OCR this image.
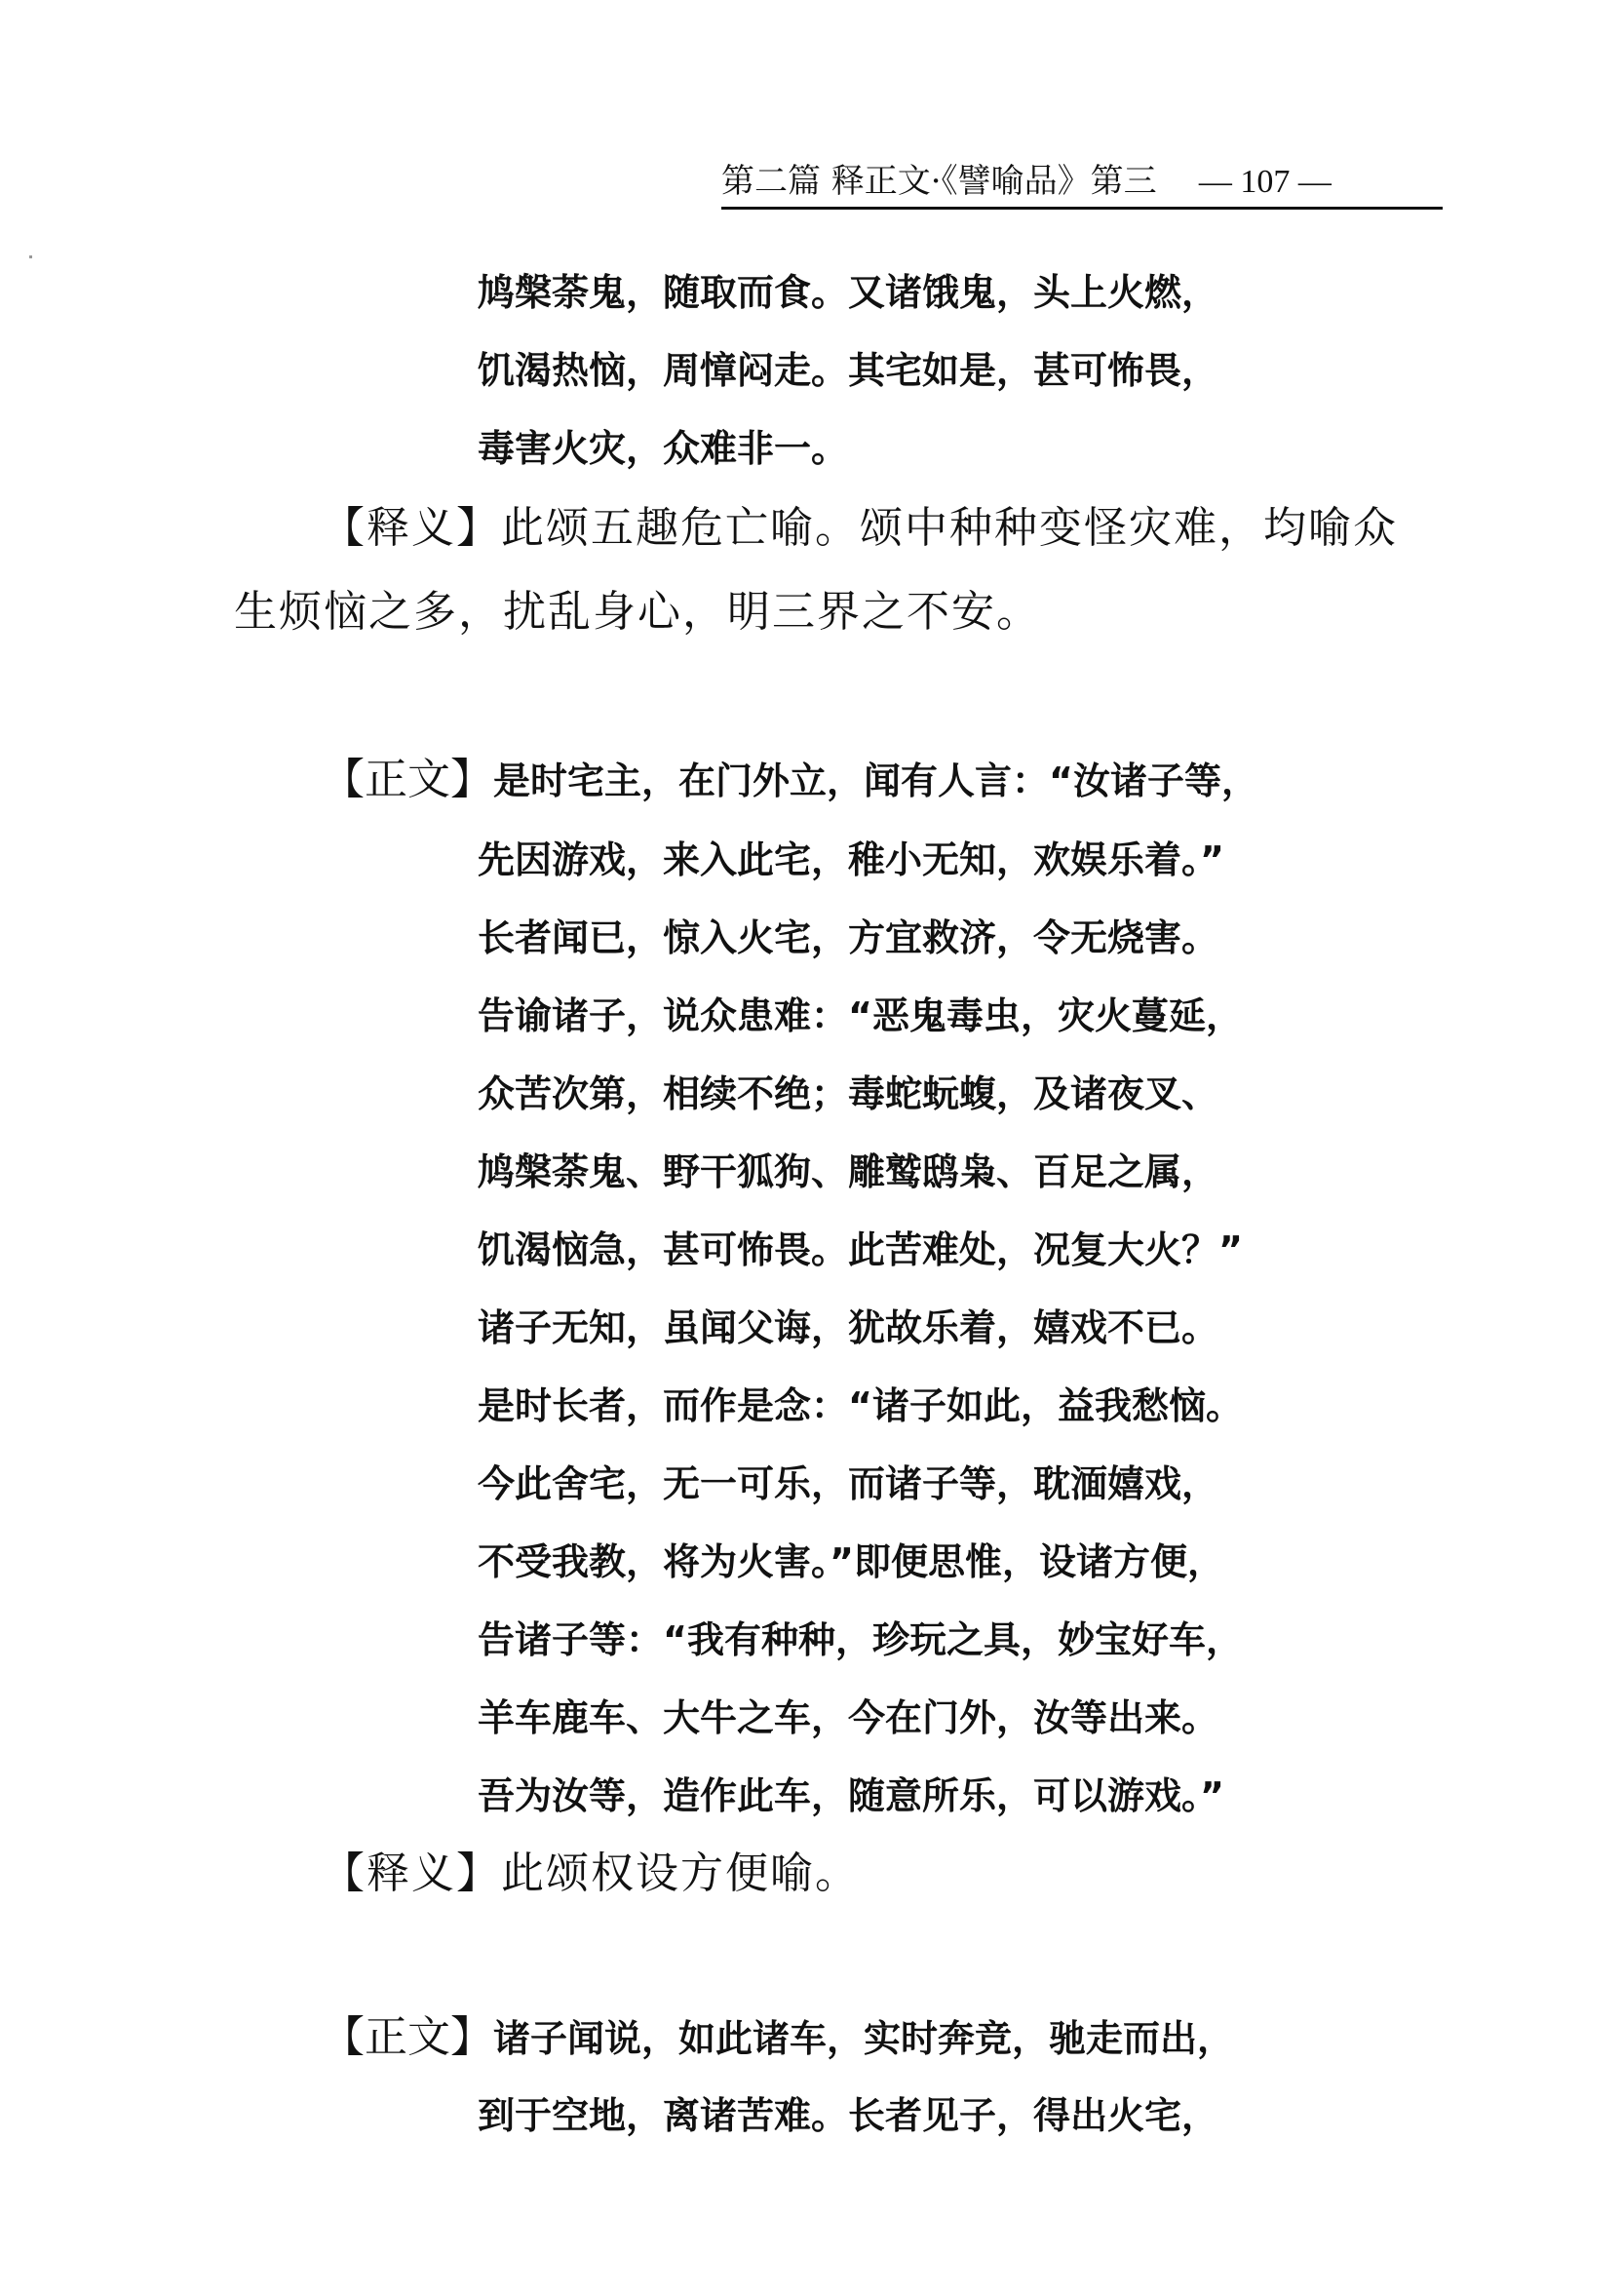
第二篇 释正文·《譬喻品》第三 — 107 —
鸠槃荼鬼，随取而食。又诸饿鬼，头上火燃，
饥渴热恼，周慞闷走。其宅如是，甚可怖畏，
毒害火灾，众难非一。
【释义】此颂五趣危亡喻。颂中种种变怪灾难，均喻众
生烦恼之多，扰乱身心，明三界之不安。
【正文】是时宅主，在门外立，闻有人言：“汝诸子等，
先因游戏，来入此宅，稚小无知，欢娱乐着。”
长者闻已，惊入火宅，方宜救济，令无烧害。
告谕诸子，说众患难：“恶鬼毒虫，灾火蔓延，
众苦次第，相续不绝；毒蛇蚖蝮，及诸夜叉、
鸠槃荼鬼、野干狐狗、雕鹫鸱枭、百足之属，
饥渴恼急，甚可怖畏。此苦难处，况复大火？”
诸子无知，虽闻父诲，犹故乐着，嬉戏不已。
是时长者，而作是念：“诸子如此，益我愁恼。
今此舍宅，无一可乐，而诸子等，耽湎嬉戏，
不受我教，将为火害。”即便思惟，设诸方便，
告诸子等：“我有种种，珍玩之具，妙宝好车，
羊车鹿车、大牛之车，今在门外，汝等出来。
吾为汝等，造作此车，随意所乐，可以游戏。”
【释义】此颂权设方便喻。
【正文】诸子闻说，如此诸车，实时奔竞，驰走而出，
到于空地，离诸苦难。长者见子，得出火宅，
